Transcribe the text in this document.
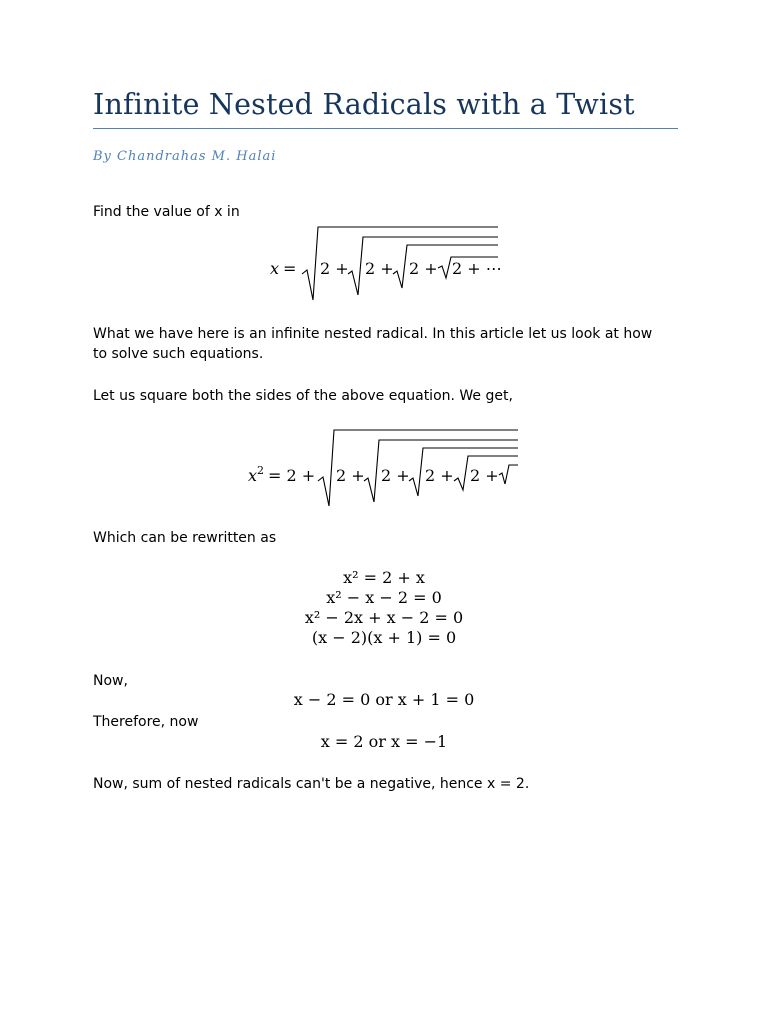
Infinite Nested Radicals with a Twist
By Chandrahas M. Halai

Find the value of x in

x = 2 + 2 + 2 + 2 + ⋯

What we have here is an infinite nested radical. In this article let us look at how

to solve such equations.

Let us square both the sides of the above equation. We get,

$x^2 = 2 + 2 + 2 + 2 + 2$ +

Which can be rewritten as

x² = 2 + x
x² − x − 2 = 0
x² − 2x + x − 2 = 0
(x − 2)(x + 1) = 0

Now,

x − 2 = 0 or x + 1 = 0

Therefore, now

x = 2 or x = −1

Now, sum of nested radicals can't be a negative, hence x = 2.
